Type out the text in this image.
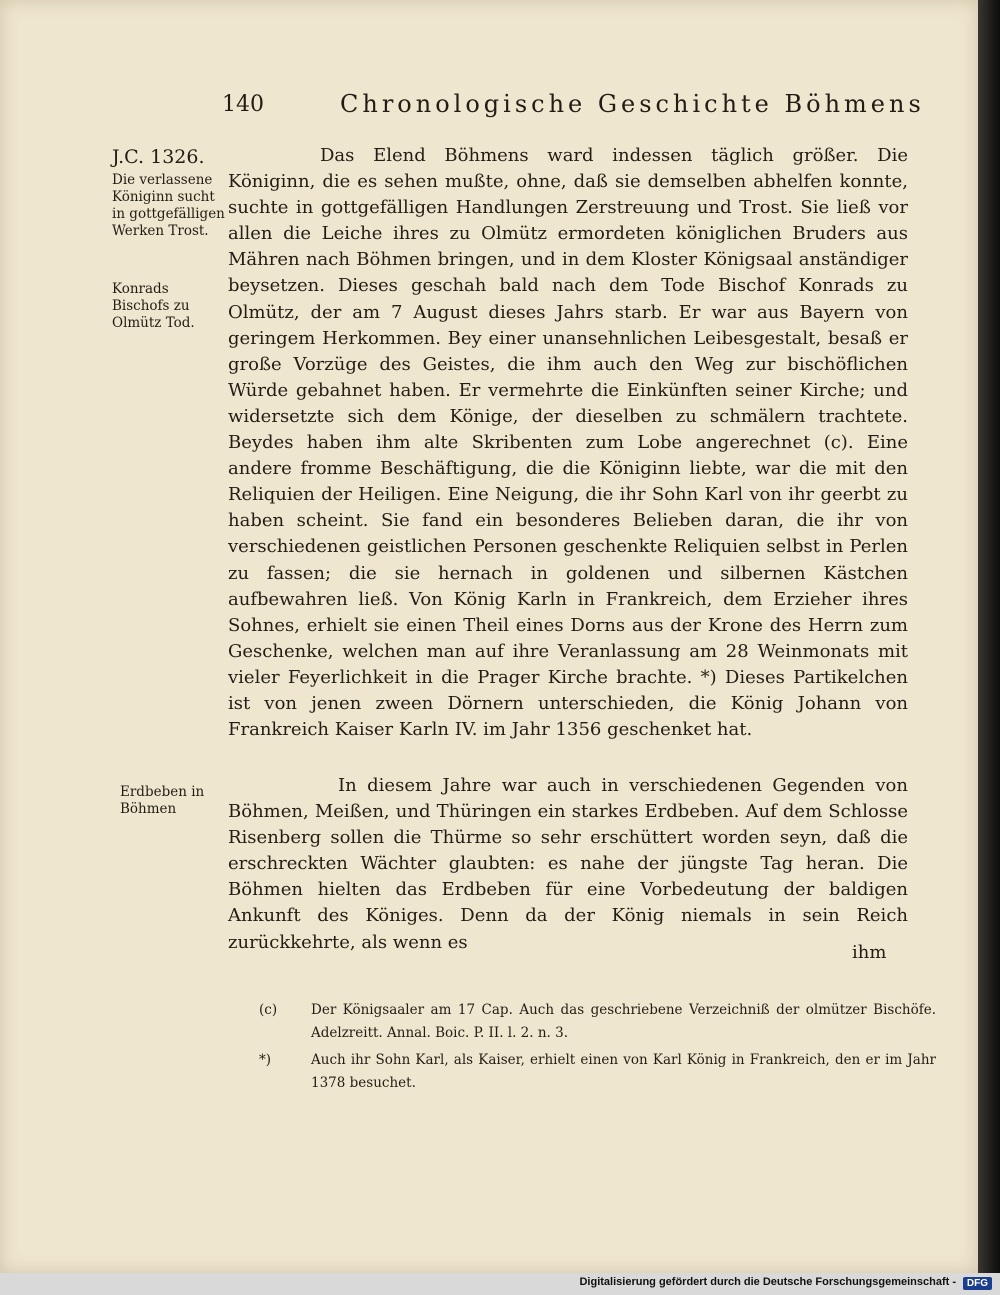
140	Chronologische Geschichte Böhmens
J.C. 1326.
Die verlassene Königinn sucht in gottgefälligen Werken Trost.
Konrads Bischofs zu Olmütz Tod.
Erdbeben in Böhmen

Das Elend Böhmens ward indessen täglich größer. Die Königinn, die es sehen mußte, ohne, daß sie demselben abhelfen konnte, suchte in gottgefälligen Handlungen Zerstreuung und Trost. Sie ließ vor allen die Leiche ihres zu Olmütz ermordeten königlichen Bruders aus Mähren nach Böhmen bringen, und in dem Kloster Königsaal anständiger beysetzen. Dieses geschah bald nach dem Tode Bischof Konrads zu Olmütz, der am 7 August dieses Jahrs starb. Er war aus Bayern von geringem Herkommen. Bey einer unansehnlichen Leibesgestalt, besaß er große Vorzüge des Geistes, die ihm auch den Weg zur bischöflichen Würde gebahnet haben. Er vermehrte die Einkünften seiner Kirche; und widersetzte sich dem Könige, der dieselben zu schmälern trachtete. Beydes haben ihm alte Skribenten zum Lobe angerechnet (c). Eine andere fromme Beschäftigung, die die Königinn liebte, war die mit den Reliquien der Heiligen. Eine Neigung, die ihr Sohn Karl von ihr geerbt zu haben scheint. Sie fand ein besonderes Belieben daran, die ihr von verschiedenen geistlichen Personen geschenkte Reliquien selbst in Perlen zu fassen; die sie hernach in goldenen und silbernen Kästchen aufbewahren ließ. Von König Karln in Frankreich, dem Erzieher ihres Sohnes, erhielt sie einen Theil eines Dorns aus der Krone des Herrn zum Geschenke, welchen man auf ihre Veranlassung am 28 Weinmonats mit vieler Feyerlichkeit in die Prager Kirche brachte. *) Dieses Partikelchen ist von jenen zween Dörnern unterschieden, die König Johann von Frankreich Kaiser Karln IV. im Jahr 1356 geschenket hat.

In diesem Jahre war auch in verschiedenen Gegenden von Böhmen, Meißen, und Thüringen ein starkes Erdbeben. Auf dem Schlosse Risenberg sollen die Thürme so sehr erschüttert worden seyn, daß die erschreckten Wächter glaubten: es nahe der jüngste Tag heran. Die Böhmen hielten das Erdbeben für eine Vorbedeutung der baldigen Ankunft des Königes. Denn da der König niemals in sein Reich zurückkehrte, als wenn es	ihm
(c)	Der Königsaaler am 17 Cap. Auch das geschriebene Verzeichniß der olmützer Bischöfe. Adelzreitt. Annal. Boic. P. II. l. 2. n. 3.
*)	Auch ihr Sohn Karl, als Kaiser, erhielt einen von Karl König in Frankreich, den er im Jahr 1378 besuchet.
Digitalisierung gefördert durch die Deutsche Forschungsgemeinschaft -	DFG
